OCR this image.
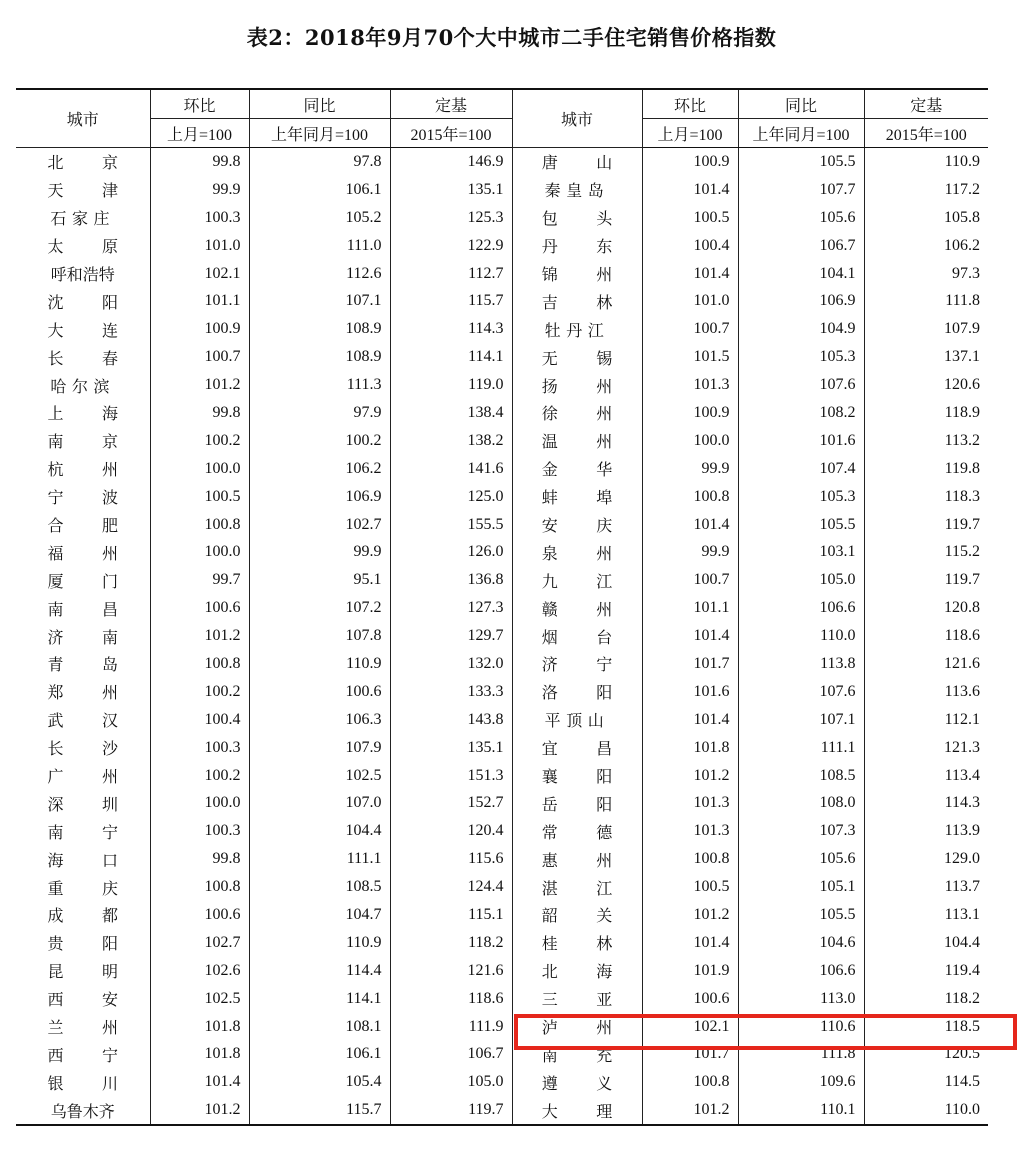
表2：2018年9月70个大中城市二手住宅销售价格指数
城市	环比	同比	定基	城市	环比	同比	定基
	上月=100	上年同月=100	2015年=100		上月=100	上年同月=100	2015年=100
北 京	99.8	97.8	146.9	唐 山	100.9	105.5	110.9
天 津	99.9	106.1	135.1	秦皇岛	101.4	107.7	117.2
石家庄	100.3	105.2	125.3	包 头	100.5	105.6	105.8
太 原	101.0	111.0	122.9	丹 东	100.4	106.7	106.2
呼和浩特	102.1	112.6	112.7	锦 州	101.4	104.1	97.3
沈 阳	101.1	107.1	115.7	吉 林	101.0	106.9	111.8
大 连	100.9	108.9	114.3	牡丹江	100.7	104.9	107.9
长 春	100.7	108.9	114.1	无 锡	101.5	105.3	137.1
哈尔滨	101.2	111.3	119.0	扬 州	101.3	107.6	120.6
上 海	99.8	97.9	138.4	徐 州	100.9	108.2	118.9
南 京	100.2	100.2	138.2	温 州	100.0	101.6	113.2
杭 州	100.0	106.2	141.6	金 华	99.9	107.4	119.8
宁 波	100.5	106.9	125.0	蚌 埠	100.8	105.3	118.3
合 肥	100.8	102.7	155.5	安 庆	101.4	105.5	119.7
福 州	100.0	99.9	126.0	泉 州	99.9	103.1	115.2
厦 门	99.7	95.1	136.8	九 江	100.7	105.0	119.7
南 昌	100.6	107.2	127.3	赣 州	101.1	106.6	120.8
济 南	101.2	107.8	129.7	烟 台	101.4	110.0	118.6
青 岛	100.8	110.9	132.0	济 宁	101.7	113.8	121.6
郑 州	100.2	100.6	133.3	洛 阳	101.6	107.6	113.6
武 汉	100.4	106.3	143.8	平顶山	101.4	107.1	112.1
长 沙	100.3	107.9	135.1	宜 昌	101.8	111.1	121.3
广 州	100.2	102.5	151.3	襄 阳	101.2	108.5	113.4
深 圳	100.0	107.0	152.7	岳 阳	101.3	108.0	114.3
南 宁	100.3	104.4	120.4	常 德	101.3	107.3	113.9
海 口	99.8	111.1	115.6	惠 州	100.8	105.6	129.0
重 庆	100.8	108.5	124.4	湛 江	100.5	105.1	113.7
成 都	100.6	104.7	115.1	韶 关	101.2	105.5	113.1
贵 阳	102.7	110.9	118.2	桂 林	101.4	104.6	104.4
昆 明	102.6	114.4	121.6	北 海	101.9	106.6	119.4
西 安	102.5	114.1	118.6	三 亚	100.6	113.0	118.2
兰 州	101.8	108.1	111.9	泸 州	102.1	110.6	118.5
西 宁	101.8	106.1	106.7	南 充	101.7	111.8	120.5
银 川	101.4	105.4	105.0	遵 义	100.8	109.6	114.5
乌鲁木齐	101.2	115.7	119.7	大 理	101.2	110.1	110.0
